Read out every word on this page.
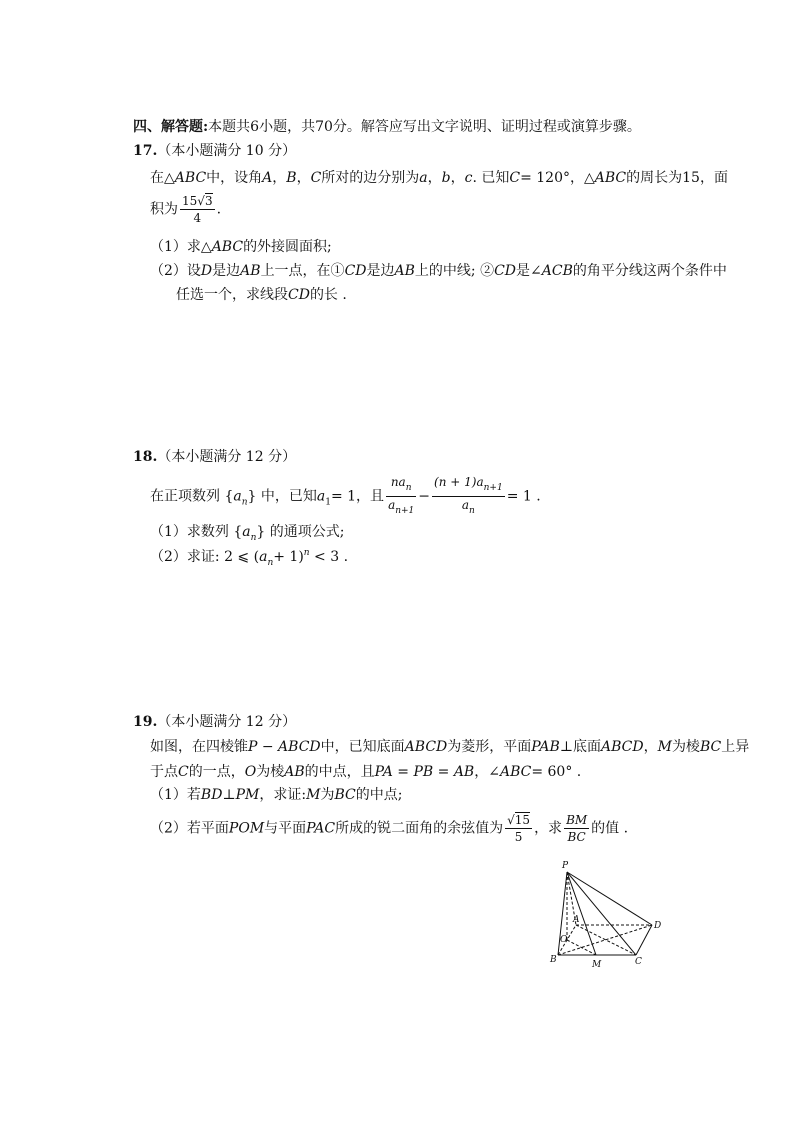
四、解答题:本题共6小题，共70分。解答应写出文字说明、证明过程或演算步骤。
17.（本小题满分 10 分）
在△ABC中，设角A，B，C所对的边分别为a，b，c. 已知C= 120°，△ABC的周长为15，面
积为 $\frac{15√3}{4}$ .
（1）求△ABC的外接圆面积;
（2）设D是边AB上一点，在①CD是边AB上的中线; ②CD是∠ACB的角平分线这两个条件中
任选一个，求线段CD的长 .
18.（本小题满分 12 分）
在正项数列 $\{a_n\}$ 中，已知$a_1= 1$，且 $\frac{na_n}{a_{n+1}} - \frac{(n + 1)a_{n+1}}{a_n} = 1$ .
（1）求数列 $\{a_n\}$ 的通项公式;
（2）求证: 2 ⩽ $(a_n+ 1)^n < 3$ .
19.（本小题满分 12 分）
如图，在四棱锥P − ABCD中，已知底面ABCD为菱形，平面PAB⊥底面ABCD，M为棱BC上异
于点C的一点，O为棱AB的中点，且PA = PB = AB，∠ABC= 60° .
（1）若BD⊥PM，求证:M为BC的中点;
（2）若平面POM与平面PAC所成的锐二面角的余弦值为 $\frac{√15}{5}$ ，求 $\frac{BM}{BC}$ 的值 .
P
A
O
B	M	C
D
